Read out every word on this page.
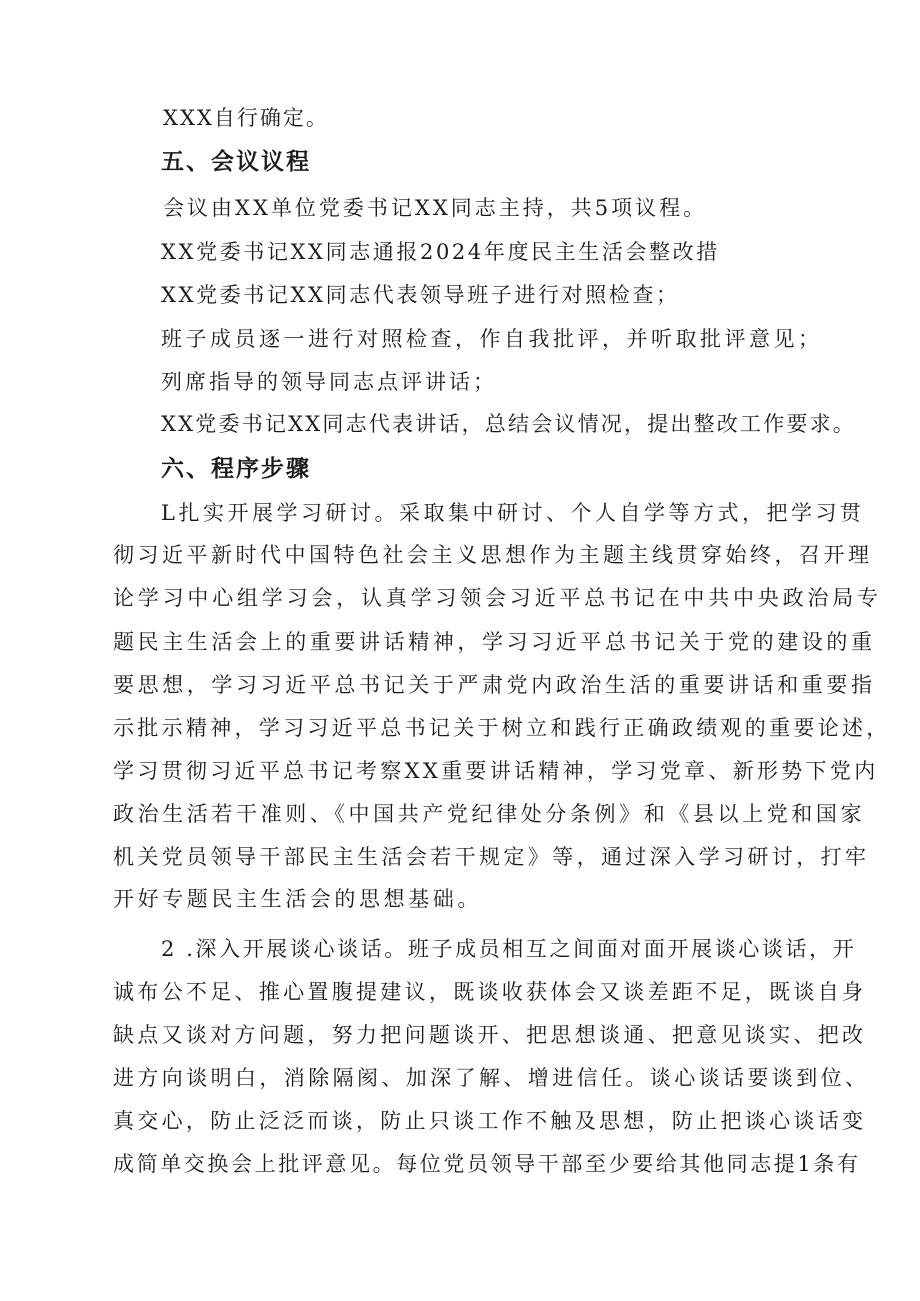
XXX自行确定。
五、会议议程
会议由XX单位党委书记XX同志主持，共5项议程。
XX党委书记XX同志通报2024年度民主生活会整改措
XX党委书记XX同志代表领导班子进行对照检查；
班子成员逐一进行对照检查，作自我批评，并听取批评意见；
列席指导的领导同志点评讲话；
XX党委书记XX同志代表讲话，总结会议情况，提出整改工作要求。
六、程序步骤
L扎实开展学习研讨。采取集中研讨、个人自学等方式，把学习贯
彻习近平新时代中国特色社会主义思想作为主题主线贯穿始终，召开理
论学习中心组学习会，认真学习领会习近平总书记在中共中央政治局专
题民主生活会上的重要讲话精神，学习习近平总书记关于党的建设的重
要思想，学习习近平总书记关于严肃党内政治生活的重要讲话和重要指
示批示精神，学习习近平总书记关于树立和践行正确政绩观的重要论述，
学习贯彻习近平总书记考察XX重要讲话精神，学习党章、新形势下党内
政治生活若干准则、《中国共产党纪律处分条例》和《县以上党和国家
机关党员领导干部民主生活会若干规定》等，通过深入学习研讨，打牢
开好专题民主生活会的思想基础。
2 .深入开展谈心谈话。班子成员相互之间面对面开展谈心谈话，开
诚布公不足、推心置腹提建议，既谈收获体会又谈差距不足，既谈自身
缺点又谈对方问题，努力把问题谈开、把思想谈通、把意见谈实、把改
进方向谈明白，消除隔阂、加深了解、增进信任。谈心谈话要谈到位、
真交心，防止泛泛而谈，防止只谈工作不触及思想，防止把谈心谈话变
成简单交换会上批评意见。每位党员领导干部至少要给其他同志提1条有
